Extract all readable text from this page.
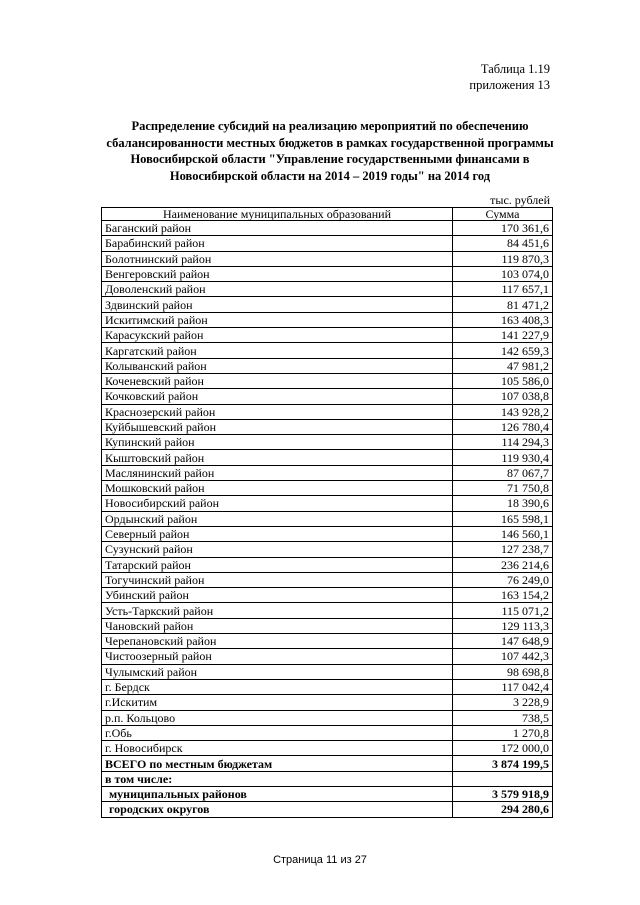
Таблица 1.19
приложения 13
Распределение субсидий на реализацию мероприятий по обеспечению
сбалансированности местных бюджетов в рамках государственной программы
Новосибирской области "Управление государственными финансами в
Новосибирской области на 2014 – 2019 годы" на 2014 год
тыс. рублей
Наименование муниципальных образований	Сумма
Баганский район	170 361,6
Барабинский район	84 451,6
Болотнинский район	119 870,3
Венгеровский район	103 074,0
Доволенский район	117 657,1
Здвинский район	81 471,2
Искитимский район	163 408,3
Карасукский район	141 227,9
Каргатский район	142 659,3
Колыванский район	47 981,2
Коченевский район	105 586,0
Кочковский район	107 038,8
Краснозерский район	143 928,2
Куйбышевский район	126 780,4
Купинский район	114 294,3
Кыштовский район	119 930,4
Маслянинский район	87 067,7
Мошковский район	71 750,8
Новосибирский район	18 390,6
Ордынский район	165 598,1
Северный район	146 560,1
Сузунский район	127 238,7
Татарский район	236 214,6
Тогучинский район	76 249,0
Убинский район	163 154,2
Усть-Таркский район	115 071,2
Чановский район	129 113,3
Черепановский район	147 648,9
Чистоозерный район	107 442,3
Чулымский район	98 698,8
г. Бердск	117 042,4
г.Искитим	3 228,9
р.п. Кольцово	738,5
г.Обь	1 270,8
г. Новосибирск	172 000,0
ВСЕГО по местным бюджетам	3 874 199,5
в том числе:	
муниципальных районов	3 579 918,9
городских округов	294 280,6
Страница 11 из 27
